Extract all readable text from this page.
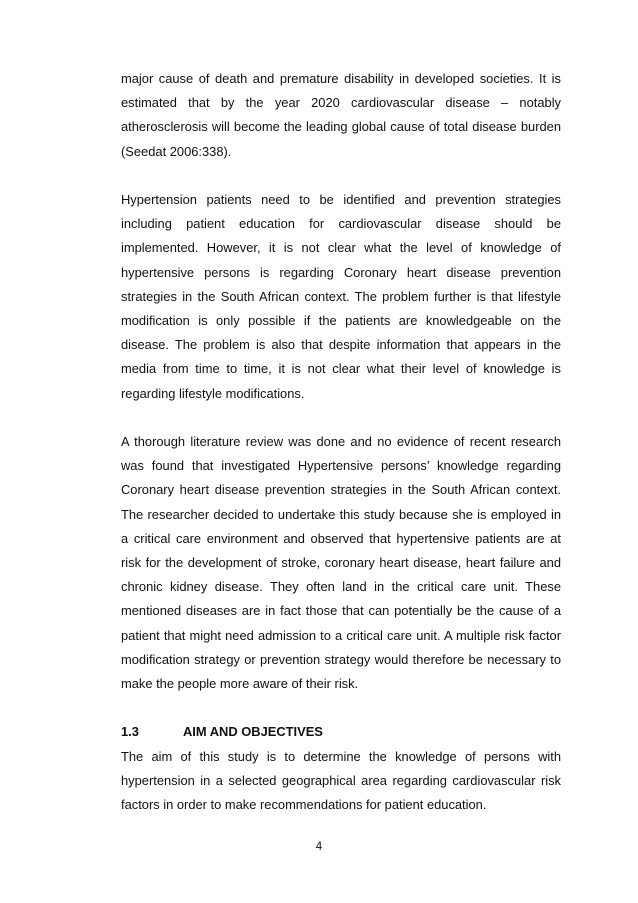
major cause of death and premature disability in developed societies. It is estimated that by the year 2020 cardiovascular disease – notably atherosclerosis will become the leading global cause of total disease burden (Seedat 2006:338).

Hypertension patients need to be identified and prevention strategies including patient education for cardiovascular disease should be implemented. However, it is not clear what the level of knowledge of hypertensive persons is regarding Coronary heart disease prevention strategies in the South African context. The problem further is that lifestyle modification is only possible if the patients are knowledgeable on the disease. The problem is also that despite information that appears in the media from time to time, it is not clear what their level of knowledge is regarding lifestyle modifications.

A thorough literature review was done and no evidence of recent research was found that investigated Hypertensive persons’ knowledge regarding Coronary heart disease prevention strategies in the South African context. The researcher decided to undertake this study because she is employed in a critical care environment and observed that hypertensive patients are at risk for the development of stroke, coronary heart disease, heart failure and chronic kidney disease. They often land in the critical care unit. These mentioned diseases are in fact those that can potentially be the cause of a patient that might need admission to a critical care unit. A multiple risk factor modification strategy or prevention strategy would therefore be necessary to make the people more aware of their risk.

1.3	AIM AND OBJECTIVES

The aim of this study is to determine the knowledge of persons with hypertension in a selected geographical area regarding cardiovascular risk factors in order to make recommendations for patient education.

4
